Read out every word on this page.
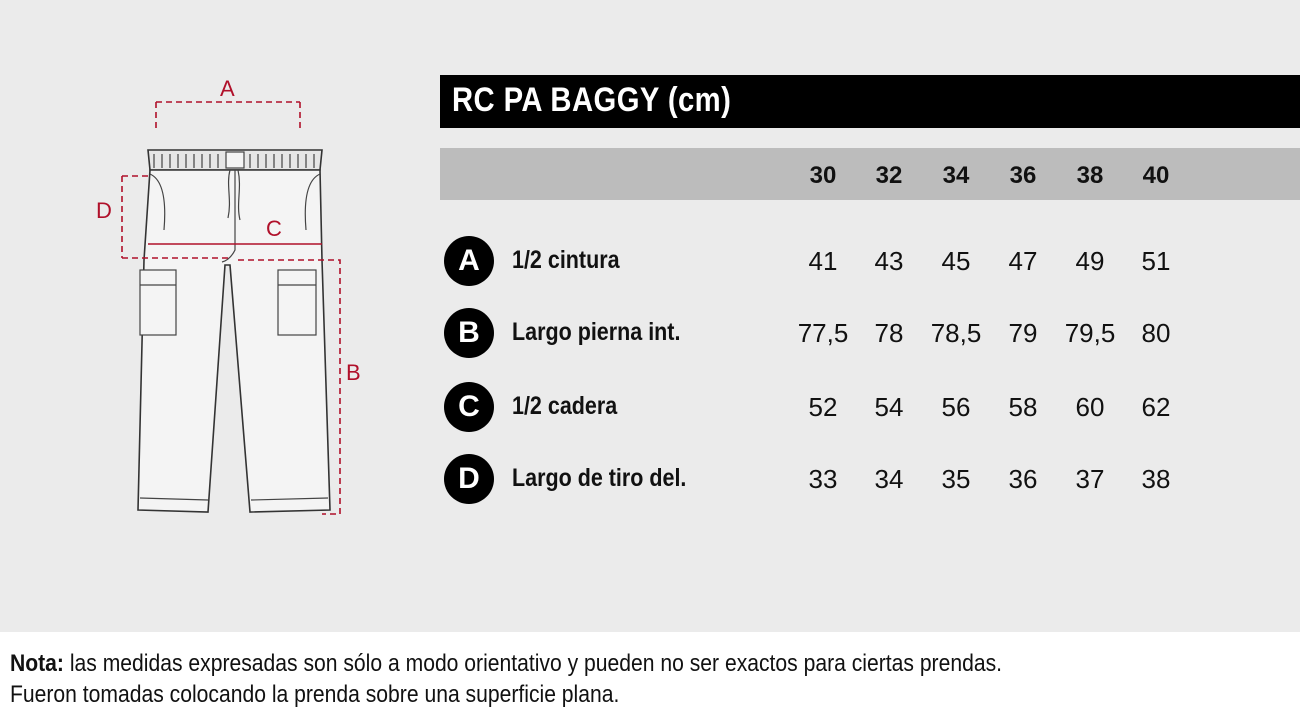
A
C
D
B
RC PA BAGGY (cm)
30	32	34	36	38	40
A	1/2 cintura	41	43	45	47	49	51
B	Largo pierna int.	77,5	78	78,5	79	79,5	80
C	1/2 cadera	52	54	56	58	60	62
D	Largo de tiro del.	33	34	35	36	37	38
Nota: las medidas expresadas son sólo a modo orientativo y pueden no ser exactos para ciertas prendas.
Fueron tomadas colocando la prenda sobre una superficie plana.
